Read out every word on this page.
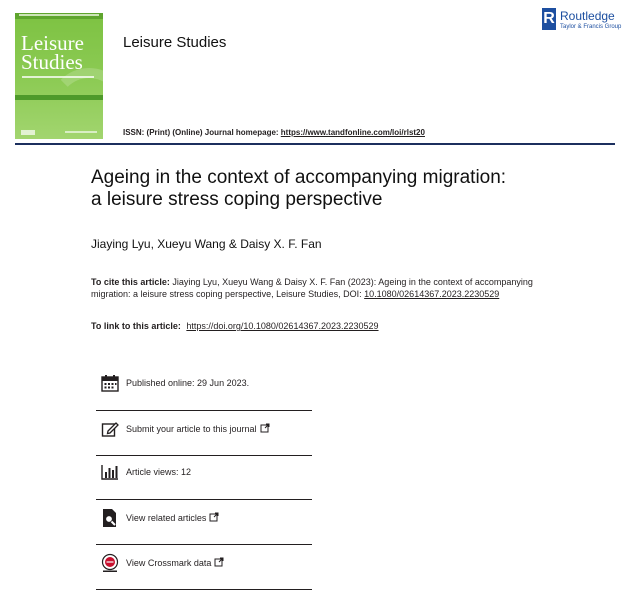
Leisure
Studies
Leisure Studies
ISSN: (Print) (Online) Journal homepage: https://www.tandfonline.com/loi/rlst20
R Routledge
Taylor & Francis Group
Ageing in the context of accompanying migration:
a leisure stress coping perspective
Jiaying Lyu, Xueyu Wang & Daisy X. F. Fan
To cite this article: Jiaying Lyu, Xueyu Wang & Daisy X. F. Fan (2023): Ageing in the context of accompanying migration: a leisure stress coping perspective, Leisure Studies, DOI: 10.1080/02614367.2023.2230529
To link to this article: https://doi.org/10.1080/02614367.2023.2230529
Published online: 29 Jun 2023.
Submit your article to this journal
Article views: 12
View related articles
View Crossmark data
